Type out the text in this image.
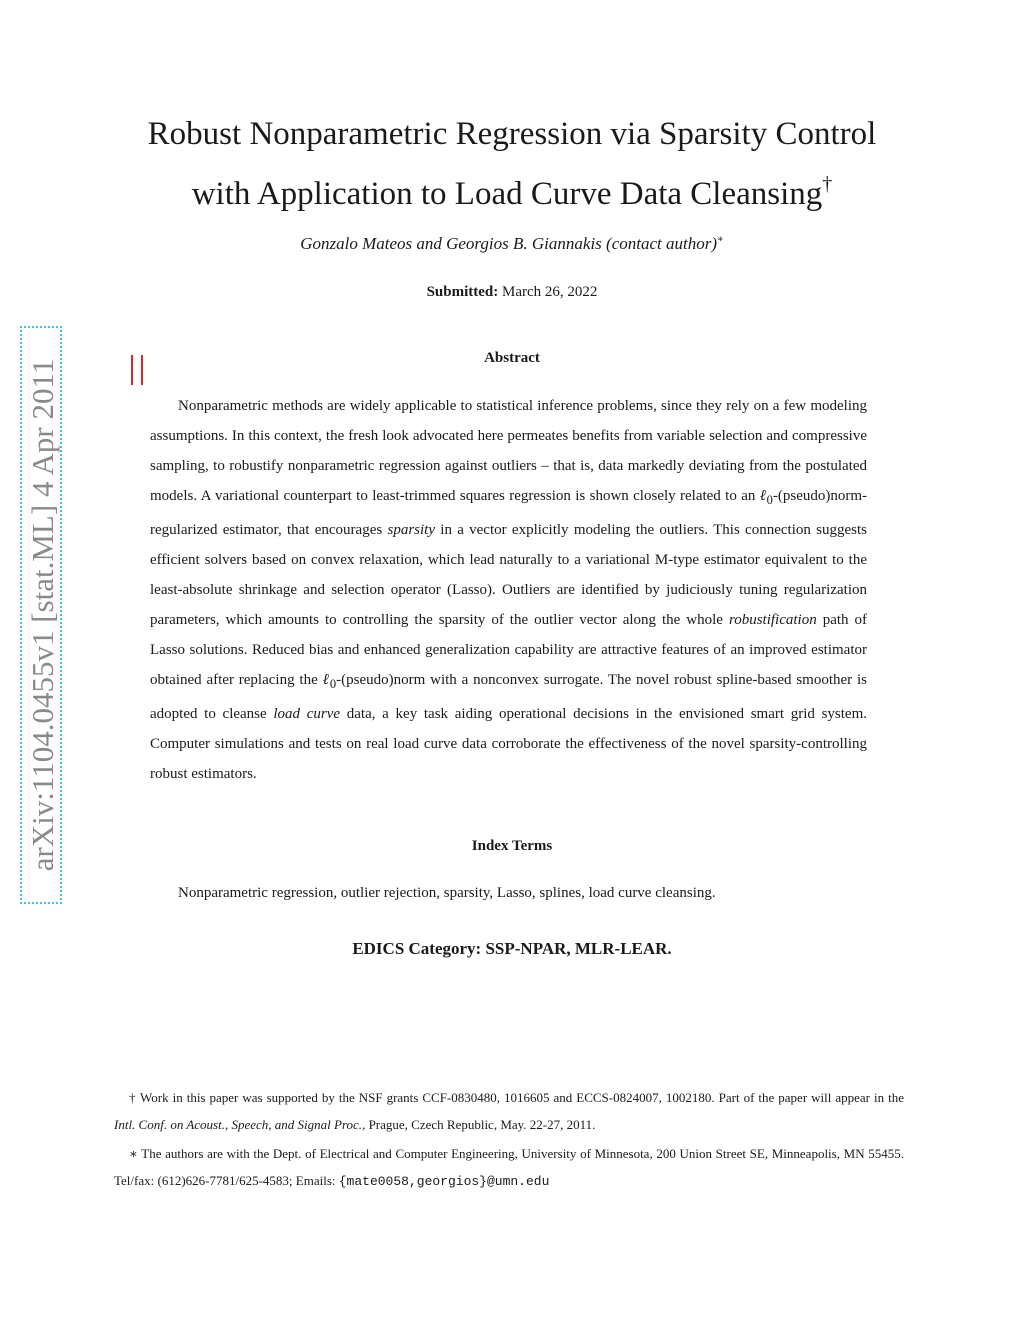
Robust Nonparametric Regression via Sparsity Control
with Application to Load Curve Data Cleansing†
Gonzalo Mateos and Georgios B. Giannakis (contact author)∗
Submitted: March 26, 2022
Abstract

Nonparametric methods are widely applicable to statistical inference problems, since they rely on a few modeling assumptions. In this context, the fresh look advocated here permeates benefits from variable selection and compressive sampling, to robustify nonparametric regression against outliers – that is, data markedly deviating from the postulated models. A variational counterpart to least-trimmed squares regression is shown closely related to an ℓ$_0$-(pseudo)norm-regularized estimator, that encourages sparsity in a vector explicitly modeling the outliers. This connection suggests efficient solvers based on convex relaxation, which lead naturally to a variational M-type estimator equivalent to the least-absolute shrinkage and selection operator (Lasso). Outliers are identified by judiciously tuning regularization parameters, which amounts to controlling the sparsity of the outlier vector along the whole robustification path of Lasso solutions. Reduced bias and enhanced generalization capability are attractive features of an improved estimator obtained after replacing the ℓ$_0$-(pseudo)norm with a nonconvex surrogate. The novel robust spline-based smoother is adopted to cleanse load curve data, a key task aiding operational decisions in the envisioned smart grid system. Computer simulations and tests on real load curve data corroborate the effectiveness of the novel sparsity-controlling robust estimators.

Index Terms
Nonparametric regression, outlier rejection, sparsity, Lasso, splines, load curve cleansing.
EDICS Category: SSP-NPAR, MLR-LEAR.

† Work in this paper was supported by the NSF grants CCF-0830480, 1016605 and ECCS-0824007, 1002180. Part of the paper will appear in the Intl. Conf. on Acoust., Speech, and Signal Proc., Prague, Czech Republic, May. 22-27, 2011.

∗ The authors are with the Dept. of Electrical and Computer Engineering, University of Minnesota, 200 Union Street SE, Minneapolis, MN 55455. Tel/fax: (612)626-7781/625-4583; Emails: {mate0058,georgios}@umn.edu

arXiv:1104.0455v1 [stat.ML] 4 Apr 2011
